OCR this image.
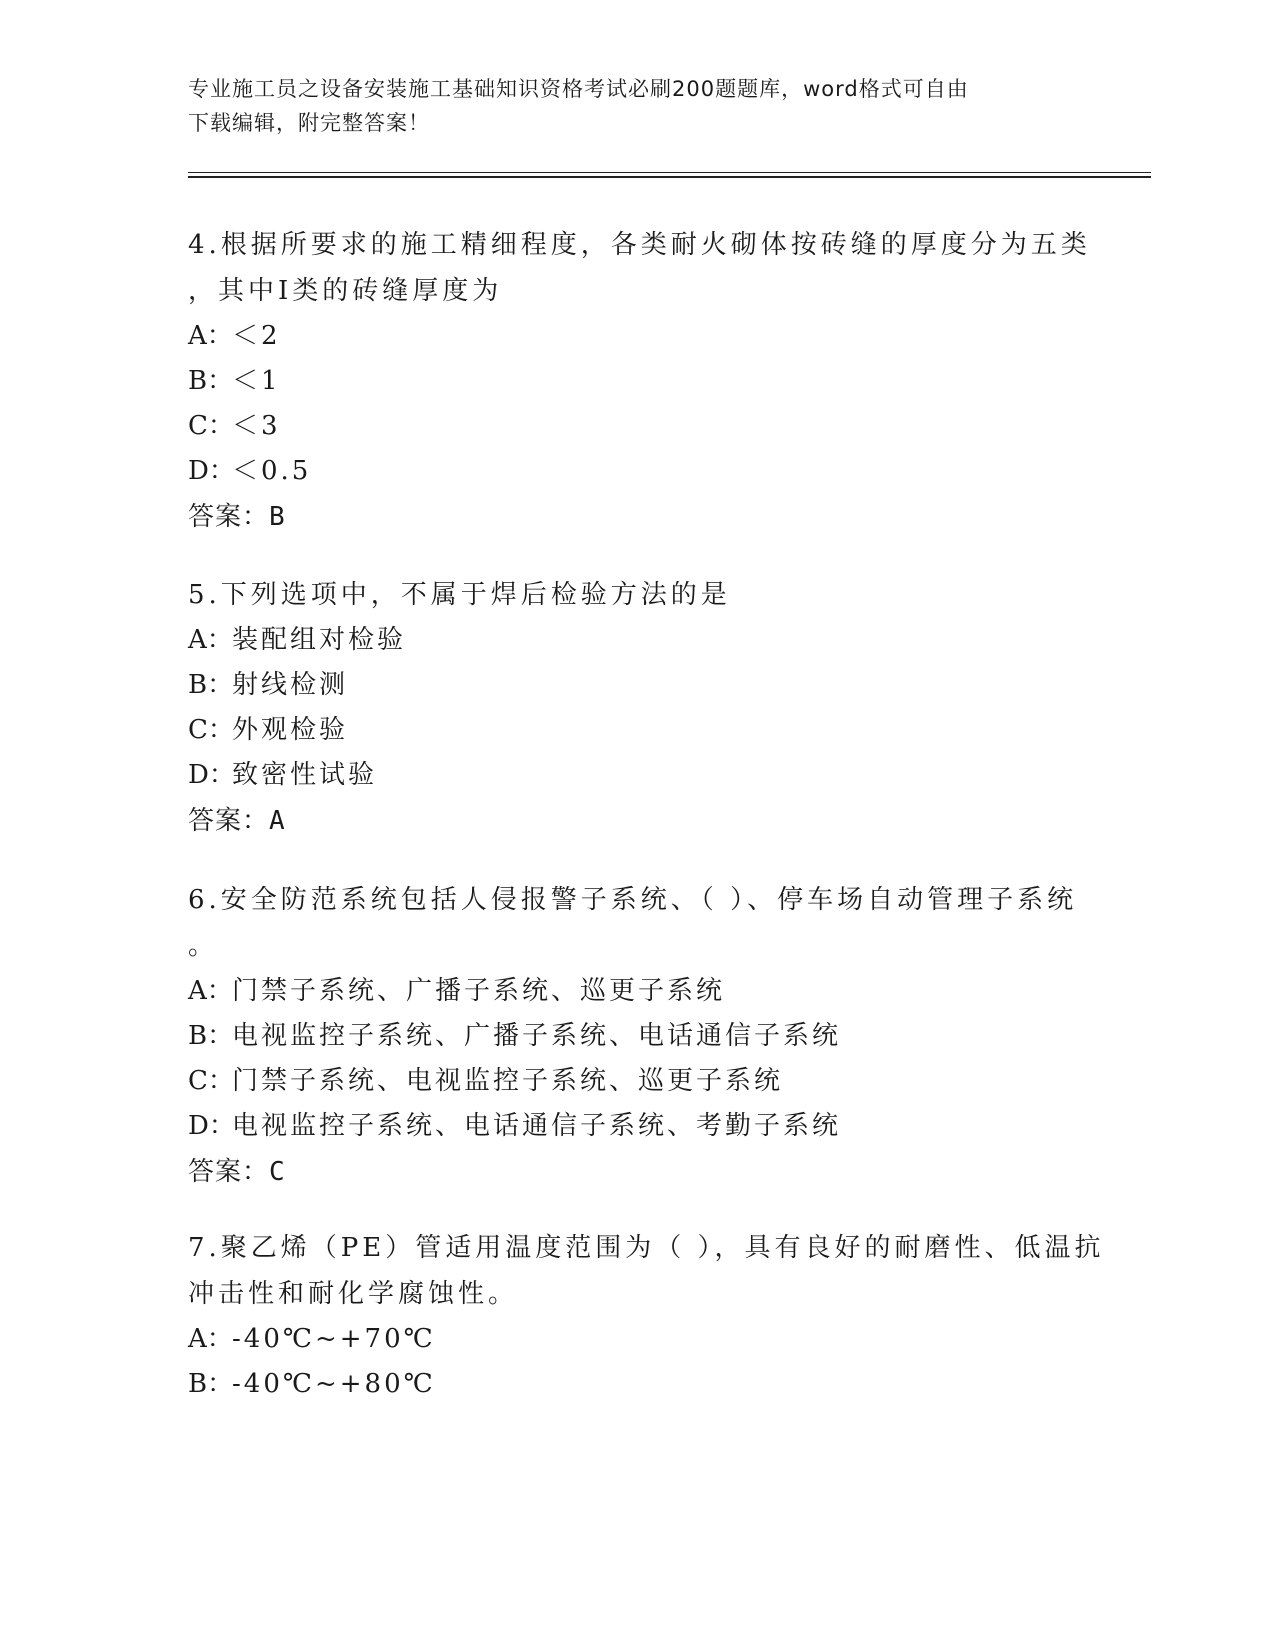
专业施工员之设备安装施工基础知识资格考试必刷200题题库，word格式可自由
下载编辑，附完整答案！
4.根据所要求的施工精细程度，各类耐火砌体按砖缝的厚度分为五类
，其中Ⅰ类的砖缝厚度为
A：＜2
B：＜1
C：＜3
D：＜0.5
答案：B
5.下列选项中，不属于焊后检验方法的是
A：装配组对检验
B：射线检测
C：外观检验
D：致密性试验
答案：A
6.安全防范系统包括人侵报警子系统、（ ）、停车场自动管理子系统
。
A：门禁子系统、广播子系统、巡更子系统
B：电视监控子系统、广播子系统、电话通信子系统
C：门禁子系统、电视监控子系统、巡更子系统
D：电视监控子系统、电话通信子系统、考勤子系统
答案：C
7.聚乙烯（PE）管适用温度范围为（ ），具有良好的耐磨性、低温抗
冲击性和耐化学腐蚀性。
A：-40℃~+70℃
B：-40℃~+80℃
